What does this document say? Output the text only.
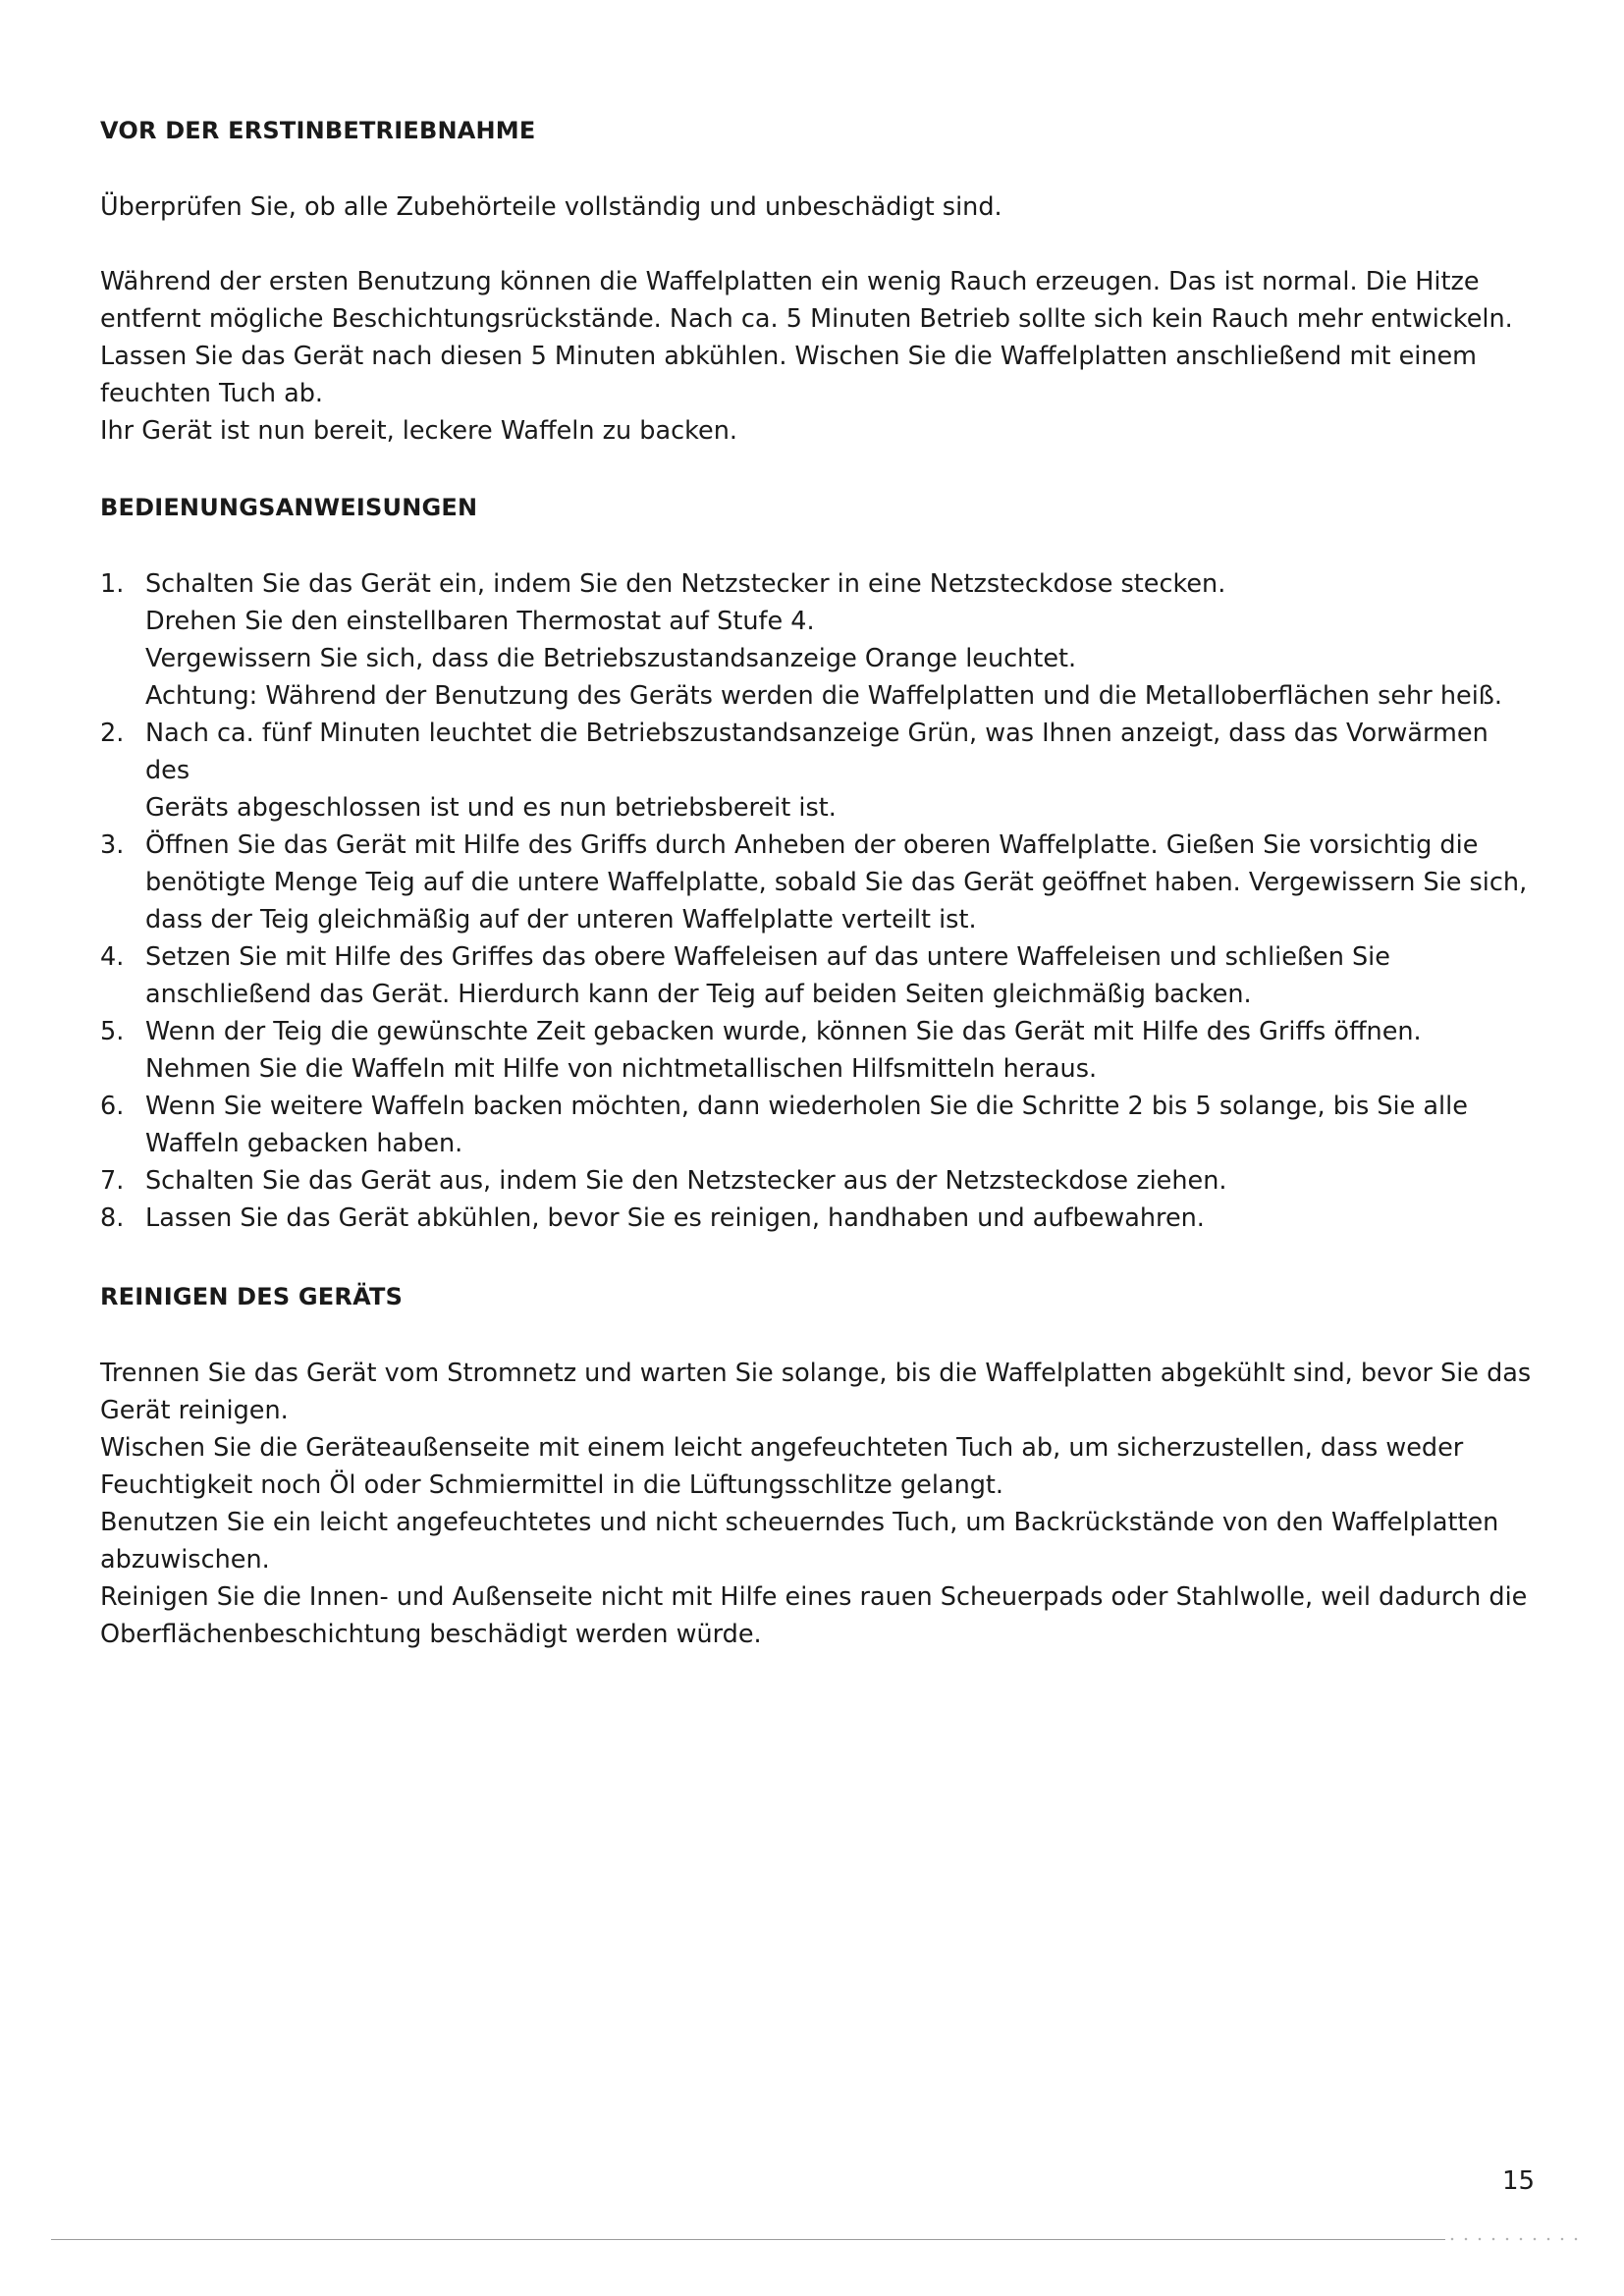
VOR DER ERSTINBETRIEBNAHME

Überprüfen Sie, ob alle Zubehörteile vollständig und unbeschädigt sind.

Während der ersten Benutzung können die Waffelplatten ein wenig Rauch erzeugen. Das ist normal. Die Hitze
entfernt mögliche Beschichtungsrückstände. Nach ca. 5 Minuten Betrieb sollte sich kein Rauch mehr entwickeln.
Lassen Sie das Gerät nach diesen 5 Minuten abkühlen. Wischen Sie die Waffelplatten anschließend mit einem
feuchten Tuch ab.
Ihr Gerät ist nun bereit, leckere Waffeln zu backen.
BEDIENUNGSANWEISUNGEN
1. Schalten Sie das Gerät ein, indem Sie den Netzstecker in eine Netzsteckdose stecken.
Drehen Sie den einstellbaren Thermostat auf Stufe 4.
Vergewissern Sie sich, dass die Betriebszustandsanzeige Orange leuchtet.
Achtung: Während der Benutzung des Geräts werden die Waffelplatten und die Metalloberflächen sehr heiß.
2. Nach ca. fünf Minuten leuchtet die Betriebszustandsanzeige Grün, was Ihnen anzeigt, dass das Vorwärmen des
Geräts abgeschlossen ist und es nun betriebsbereit ist.
3. Öffnen Sie das Gerät mit Hilfe des Griffs durch Anheben der oberen Waffelplatte. Gießen Sie vorsichtig die
benötigte Menge Teig auf die untere Waffelplatte, sobald Sie das Gerät geöffnet haben. Vergewissern Sie sich,
dass der Teig gleichmäßig auf der unteren Waffelplatte verteilt ist.
4. Setzen Sie mit Hilfe des Griffes das obere Waffeleisen auf das untere Waffeleisen und schließen Sie
anschließend das Gerät. Hierdurch kann der Teig auf beiden Seiten gleichmäßig backen.
5. Wenn der Teig die gewünschte Zeit gebacken wurde, können Sie das Gerät mit Hilfe des Griffs öffnen.
Nehmen Sie die Waffeln mit Hilfe von nichtmetallischen Hilfsmitteln heraus.
6. Wenn Sie weitere Waffeln backen möchten, dann wiederholen Sie die Schritte 2 bis 5 solange, bis Sie alle
Waffeln gebacken haben.
7. Schalten Sie das Gerät aus, indem Sie den Netzstecker aus der Netzsteckdose ziehen.
8. Lassen Sie das Gerät abkühlen, bevor Sie es reinigen, handhaben und aufbewahren.
REINIGEN DES GERÄTS
Trennen Sie das Gerät vom Stromnetz und warten Sie solange, bis die Waffelplatten abgekühlt sind, bevor Sie das
Gerät reinigen.
Wischen Sie die Geräteaußenseite mit einem leicht angefeuchteten Tuch ab, um sicherzustellen, dass weder
Feuchtigkeit noch Öl oder Schmiermittel in die Lüftungsschlitze gelangt.
Benutzen Sie ein leicht angefeuchtetes und nicht scheuerndes Tuch, um Backrückstände von den Waffelplatten
abzuwischen.
Reinigen Sie die Innen- und Außenseite nicht mit Hilfe eines rauen Scheuerpads oder Stahlwolle, weil dadurch die
Oberflächenbeschichtung beschädigt werden würde.
15
